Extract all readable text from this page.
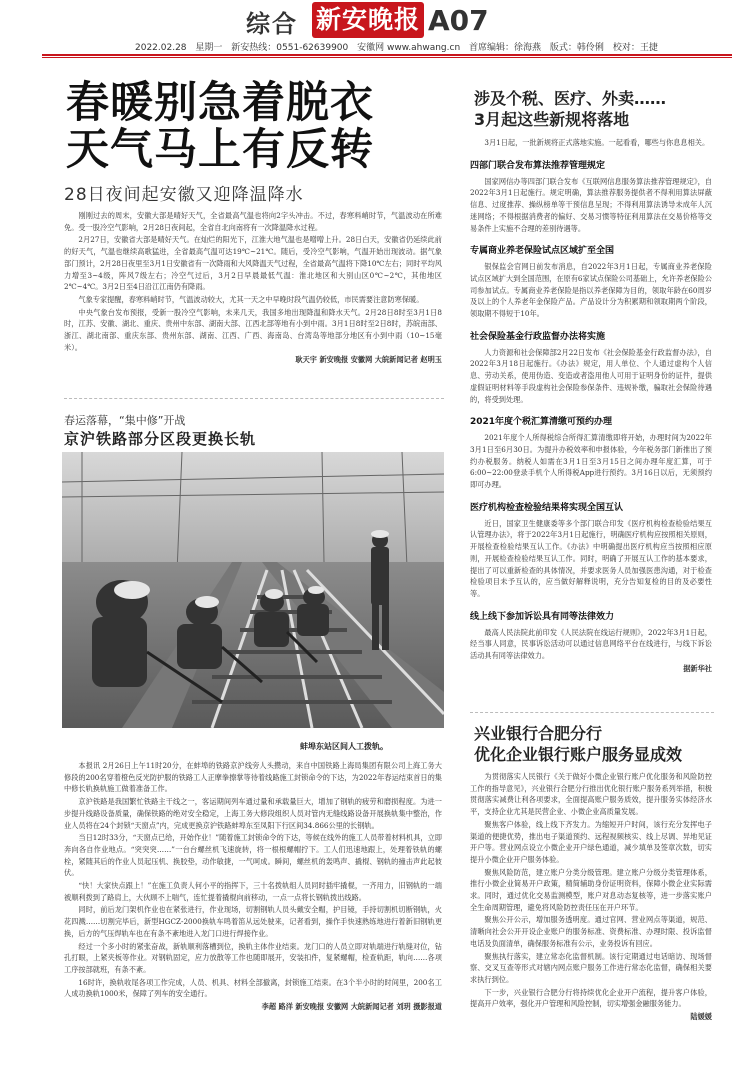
综合 新安晚报 A07
2022.02.28 星期一 新安热线：0551-62639900 安徽网 www.ahwang.cn 首席编辑：徐海燕 版式：韩伶俐 校对：王捷
春暖别急着脱衣
天气马上有反转
28日夜间起安徽又迎降温降水

刚刚过去的周末，安徽大部是晴好天气，全省最高气温也将向2字头冲击。不过，春寒料峭时节，气温波动在所难免。受一股冷空气影响，2月28日夜间起，全省自北向南将有一次降温降水过程。

2月27日，安徽省大部是晴好天气。在灿烂的阳光下，江淮大地气温也是噌噌上升。28日白天，安徽省仍延续此前的好天气，气温也继续高歌猛进，全省最高气温可达19℃~21℃。随后，受冷空气影响，气温开始出现波动。据气象部门预计，2月28日夜里至3月1日安徽省有一次降雨和大风降温天气过程，全省最高气温将下降10℃左右；同时平均风力增至3~4级，阵风7级左右；冷空气过后，3月2日早晨最低气温：淮北地区和大别山区0℃~2℃，其他地区2℃~4℃。3月2日至4日沿江江南仍有降雨。

气象专家提醒，春寒料峭时节，气温波动较大，尤其一天之中早晚时段气温仍较低，市民需要注意防寒保暖。

中央气象台发布预报，受新一股冷空气影响，未来几天，我国多地出现降温和降水天气。2月28日8时至3月1日8时，江苏、安徽、湖北、重庆、贵州中东部、湖南大部、江西北部等地有小到中雨。3月1日8时至2日8时，苏皖南部、浙江、湖北南部、重庆东部、贵州东部、湖南、江西、广西、海南岛、台湾岛等地部分地区有小到中雨（10~15毫米）。

耿天宇 新安晚报 安徽网 大皖新闻记者 赵明玉
春运落幕，“集中修”开战
京沪铁路部分区段更换长轨
蚌埠东站区间人工拨轨。

本报讯 2月26日上午11时20分，在蚌埠的铁路京沪线旁人头攒动，来自中国铁路上海局集团有限公司上海工务大修段的200名穿着橙色反光防护服的铁路工人正摩拳擦掌等待着线路施工封锁命令的下达，为2022年春运结束首日的集中修长轨换轨施工做着准备工作。

京沪铁路是我国繁忙铁路主干线之一，客运期间列车通过量和承载量巨大，增加了钢轨的疲劳和磨损程度。为进一步提升线路设备质量，确保铁路的绝对安全稳定，上海工务大修段组织人员对管内无缝线路设备开展换轨集中整治，作业人员将在24个封锁“天窗点”内，完成更换京沪铁路蚌埠东至凤阳下行区间34.866公里的长钢轨。

当日12时33分，“天窗点已给，开始作业！”随着施工封锁命令的下达，等候在线外的施工人员带着材料机具，立即奔向各自作业地点。“突突突……”一台台螺丝机飞速旋转，将一根根螺帽拧下。工人们迅速地跟上，处理着铁轨的螺栓，紧随其后的作业人员起压机、换胶垫，动作敏捷，一气呵成。瞬间，螺丝机的轰鸣声、撬棍、钢轨的撞击声此起彼伏。

“快！大家快点跟上！”在施工负责人何小平的指挥下，三十名拨轨组人员同时插牢撬棍，一齐用力，旧钢轨的一端被顺利拨到了路肩上，大伙顾不上喘气，连忙提着撬棍向前移动，一点一点将长钢轨拨出线路。

同时，前后龙门架机作业也在紧张进行，作业现场，切割钢轨人员头戴安全帽，护目镜，手持切割机切断钢轨，火花四溅……切割完毕后，新型HGCZ-2000换轨车鸣着笛从远处驶来，记者看到，操作手快速熟练地进行着新旧钢轨更换，后方的气压焊轨车也在有条不紊地进入龙门口进行焊接作业。

经过一个多小时的紧张奋战，新轨顺利落槽到位，换轨主体作业结束。龙门口的人员立即对轨端进行轨缝对位，钻孔打眼，上紧夹板等作业。对钢轨固定，应力放散等工作也随即展开，安装扣件，复紧螺帽，检查轨距，轨向……各项工序按部就班，有条不紊。

16时许，换轨收尾各项工作完成，人员、机具、材料全部撤离，封锁施工结束。在3个半小时的时间里，200名工人成功换轨1000米，保障了列车的安全通行。

李超 路洋 新安晚报 安徽网 大皖新闻记者 刘玥 摄影报道
涉及个税、医疗、外卖……
3月起这些新规将落地

3月1日起，一批新规将正式落地实施。一起看看，哪些与你息息相关。

四部门联合发布算法推荐管理规定

国家网信办等四部门联合发布《互联网信息服务算法推荐管理规定》，自2022年3月1日起施行。规定明确，算法推荐服务提供者不得利用算法屏蔽信息、过度推荐、操纵榜单等干预信息呈现；不得利用算法诱导未成年人沉迷网络；不得根据消费者的偏好、交易习惯等特征利用算法在交易价格等交易条件上实施不合理的差别待遇等。

专属商业养老保险试点区域扩至全国

银保监会官网日前发布消息，自2022年3月1日起，专属商业养老保险试点区域扩大到全国范围，在原有6家试点保险公司基础上，允许养老保险公司参加试点。专属商业养老保险是指以养老保障为目的，领取年龄在60周岁及以上的个人养老年金保险产品。产品设计分为积累期和领取期两个阶段，领取期不得短于10年。

社会保险基金行政监督办法将实施

人力资源和社会保障部2月22日发布《社会保险基金行政监督办法》，自2022年3月18日起施行。《办法》规定，用人单位、个人通过虚构个人信息、劳动关系，使用伪造、变造或者盗用他人可用于证明身份的证件，提供虚假证明材料等手段虚构社会保险参保条件、违规补缴，骗取社会保险待遇的，将受到处理。

2021年度个税汇算清缴可预约办理

2021年度个人所得税综合所得汇算清缴即将开始，办理时间为2022年3月1日至6月30日。为提升办税效率和申报体验，今年税务部门新推出了预约办税服务。纳税人如需在3月1日至3月15日之间办理年度汇算，可于6:00~22:00登录手机个人所得税App进行预约。3月16日以后，无须预约即可办理。

医疗机构检查检验结果将实现全国互认

近日，国家卫生健康委等多个部门联合印发《医疗机构检查检验结果互认管理办法》，将于2022年3月1日起施行，明确医疗机构应按照相关原则，开展检查检验结果互认工作。《办法》中明确提出医疗机构应当按照相应原则，开展检查检验结果互认工作。同时，明确了开展互认工作的基本要求，提出了可以重新检查的具体情况，并要求医务人员加强医患沟通，对于检查检验项目未予互认的，应当做好解释说明，充分告知复检的目的及必要性等。

线上线下参加诉讼具有同等法律效力

最高人民法院此前印发《人民法院在线运行规则》，2022年3月1日起，经当事人同意，民事诉讼活动可以通过信息网络平台在线进行，与线下诉讼活动具有同等法律效力。

据新华社
兴业银行合肥分行
优化企业银行账户服务显成效

为贯彻落实人民银行《关于做好小微企业银行账户优化服务和风险防控工作的指导意见》，兴业银行合肥分行推出优化银行账户服务系列举措，积极贯彻落实减费让利各项要求，全面提高账户服务质效，提升服务实体经济水平，支持企业尤其是民营企业、小微企业高质量发展。

聚焦客户体验，线上线下齐发力。为缩短开户时间，该行充分发挥电子渠道的便捷优势，推出电子渠道预约、远程视频核实、线上尽调、异地见证开户等。营业网点设立小微企业开户绿色通道，减少填单及签章次数，切实提升小微企业开户服务体验。

聚焦风险防范，建立账户分类分级管理。建立账户分级分类管理体系，推行小微企业简易开户政策，精简辅助身份证明资料，保障小微企业实际需求。同时，通过优化交易监测模型，账户对息动态复核等，进一步落实账户全生命周期管理，避免将风险防控责任压在开户环节。

聚焦公开公示，增加服务透明度。通过官网、营业网点等渠道，规范、清晰向社会公开开设企业账户的服务标准、资费标准、办理时限、投诉监督电话及负面清单，确保服务标准有公示，业务投诉有回应。

聚焦执行落实，建立常态化监督机制。该行定期通过电话暗访、现场督察、交叉互查等形式对辖内网点账户服务工作进行常态化监督，确保相关要求执行到位。

下一步，兴业银行合肥分行将持续优化企业开户流程，提升客户体验，提高开户效率，强化开户管理和风险控制，切实增强金融服务能力。

陆媛媛
